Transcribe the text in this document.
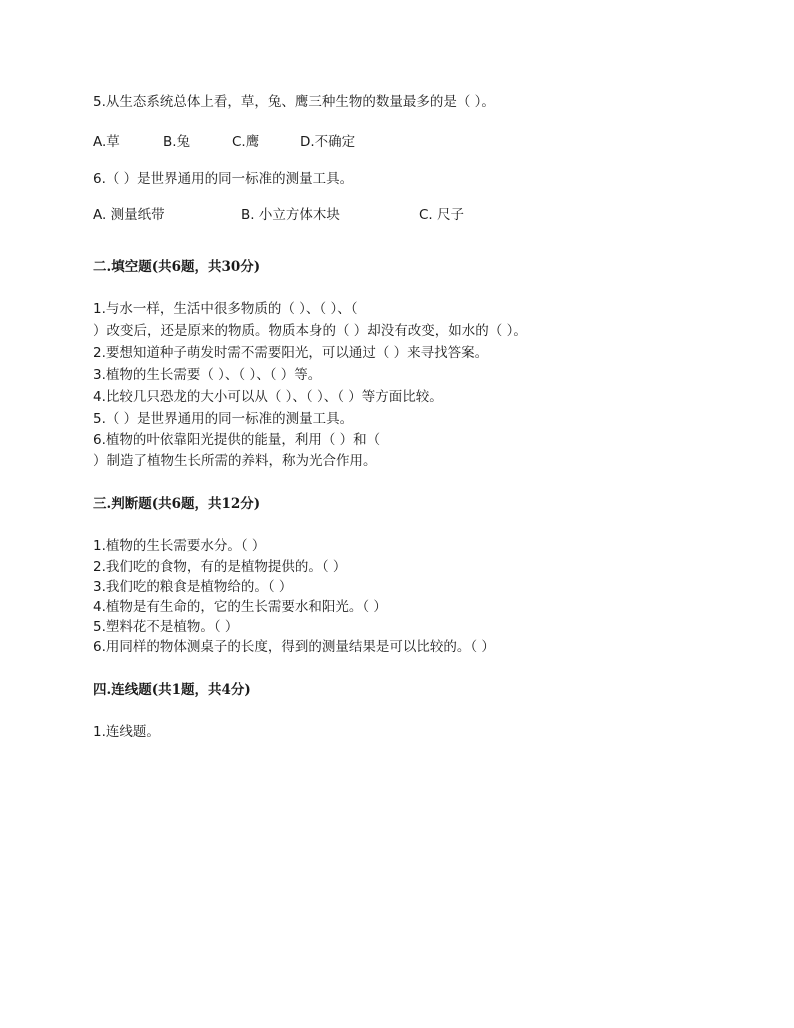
5.从生态系统总体上看，草，兔、鹰三种生物的数量最多的是（ ）。
A.草	B.兔	C.鹰	D.不确定
6.（ ）是世界通用的同一标准的测量工具。
A. 测量纸带	B. 小立方体木块	C. 尺子
二.填空题(共6题，共30分)
1.与水一样，生活中很多物质的（ ）、（ ）、（
）改变后，还是原来的物质。物质本身的（ ）却没有改变，如水的（ ）。
2.要想知道种子萌发时需不需要阳光，可以通过（ ）来寻找答案。
3.植物的生长需要（ ）、（ ）、（ ）等。
4.比较几只恐龙的大小可以从（ ）、（ ）、（ ）等方面比较。
5.（ ）是世界通用的同一标准的测量工具。
6.植物的叶依靠阳光提供的能量，利用（ ）和（
）制造了植物生长所需的养料，称为光合作用。
三.判断题(共6题，共12分)
1.植物的生长需要水分。（ ）
2.我们吃的食物，有的是植物提供的。（ ）
3.我们吃的粮食是植物给的。（ ）
4.植物是有生命的，它的生长需要水和阳光。（ ）
5.塑料花不是植物。（ ）
6.用同样的物体测桌子的长度，得到的测量结果是可以比较的。（ ）
四.连线题(共1题，共4分)
1.连线题。
